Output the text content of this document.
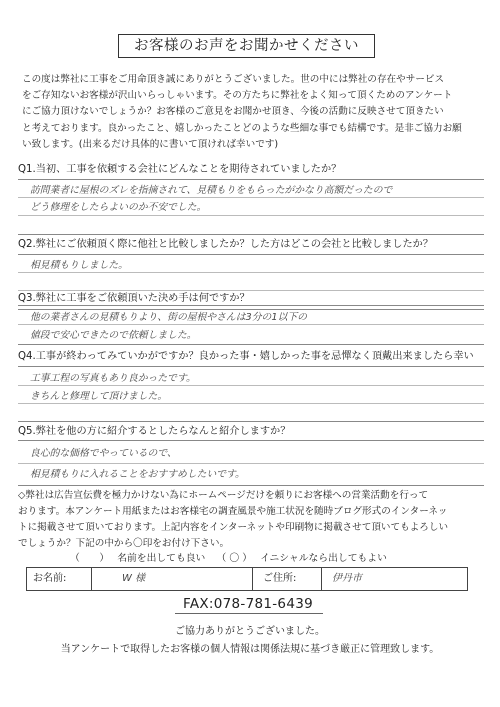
お客様のお声をお聞かせください

この度は弊社に工事をご用命頂き誠にありがとうございました。世の中には弊社の存在やサービス

をご存知ないお客様が沢山いらっしゃいます。その方たちに弊社をよく知って頂くためのアンケート

にご協力頂けないでしょうか？お客様のご意見をお聞かせ頂き、今後の活動に反映させて頂きたい

と考えております。良かったこと、嬉しかったことどのような些細な事でも結構です。是非ご協力お願

い致します。(出来るだけ具体的に書いて頂ければ幸いです)

Q1.当初、工事を依頼する会社にどんなことを期待されていましたか？
訪問業者に屋根のズレを指摘されて、見積もりをもらったがかなり高額だったので
どう修理をしたらよいのか不安でした。
Q2.弊社にご依頼頂く際に他社と比較しましたか？した方はどこの会社と比較しましたか？
相見積もりしました。
Q3.弊社に工事をご依頼頂いた決め手は何ですか？
他の業者さんの見積もりより、街の屋根やさんは3分の1以下の
値段で安心できたので依頼しました。
Q4.工事が終わってみていかがですか？良かった事・嬉しかった事を忌憚なく頂戴出来ましたら幸い
工事工程の写真もあり良かったです。
きちんと修理して頂けました。
Q5.弊社を他の方に紹介するとしたらなんと紹介しますか？
良心的な価格でやっているので、
相見積もりに入れることをおすすめしたいです。

◇弊社は広告宣伝費を極力かけない為にホームページだけを頼りにお客様への営業活動を行って

おります。本アンケート用紙またはお客様宅の調査風景や施工状況を随時ブログ形式のインターネッ

トに掲載させて頂いております。上記内容をインターネットや印刷物に掲載させて頂いてもよろしい

でしょうか？下記の中から〇印をお付け下さい。

（　　） 名前を出しても良い （ 〇 ） イニシャルなら出してもよい
お名前:	W 様	ご住所:	伊丹市
FAX:078-781-6439
ご協力ありがとうございました。
当アンケートで取得したお客様の個人情報は関係法規に基づき厳正に管理致します。
